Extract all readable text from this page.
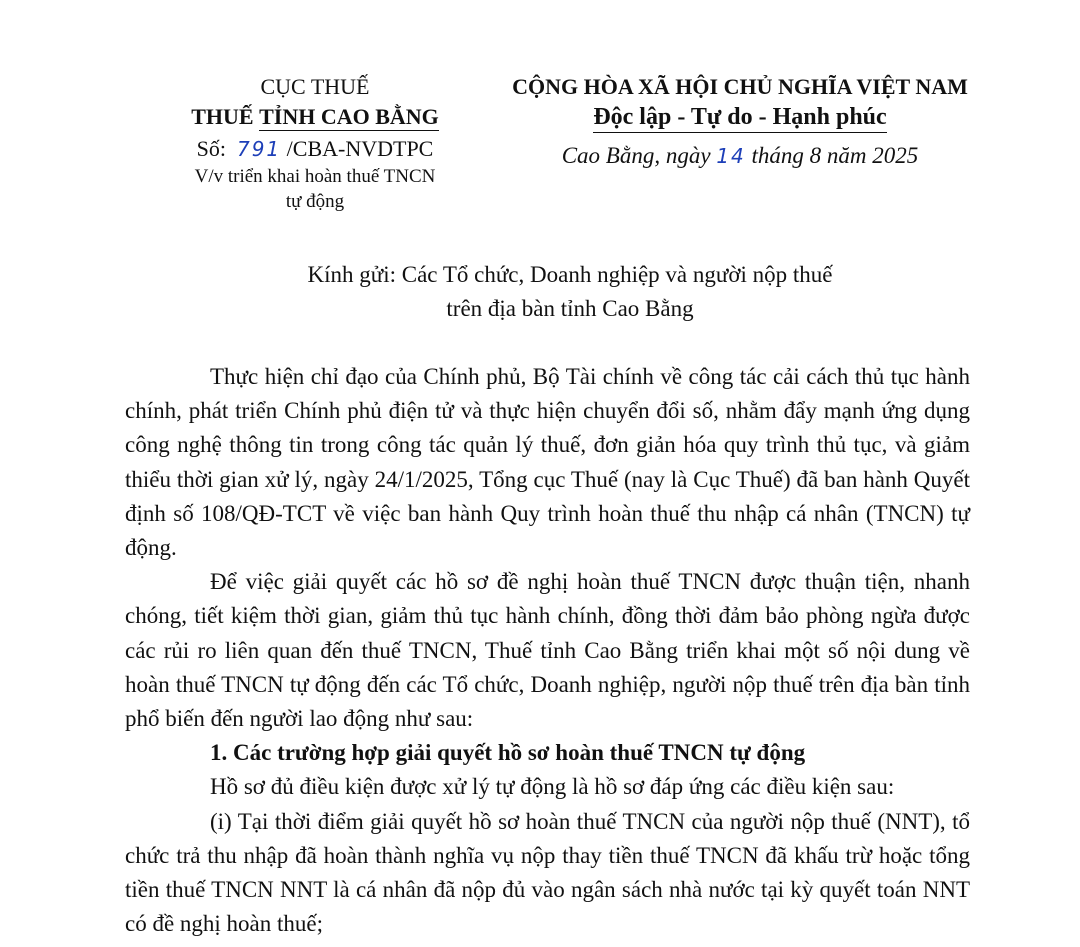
CỤC THUẾ
THUẾ TỈNH CAO BẰNG
Số: 791 /CBA-NVDTPC
V/v triển khai hoàn thuế TNCN
tự động
CỘNG HÒA XÃ HỘI CHỦ NGHĨA VIỆT NAM
Độc lập - Tự do - Hạnh phúc
Cao Bằng, ngày 14 tháng 8 năm 2025
Kính gửi: Các Tổ chức, Doanh nghiệp và người nộp thuế
trên địa bàn tỉnh Cao Bằng

Thực hiện chỉ đạo của Chính phủ, Bộ Tài chính về công tác cải cách thủ tục hành chính, phát triển Chính phủ điện tử và thực hiện chuyển đổi số, nhằm đẩy mạnh ứng dụng công nghệ thông tin trong công tác quản lý thuế, đơn giản hóa quy trình thủ tục, và giảm thiểu thời gian xử lý, ngày 24/1/2025, Tổng cục Thuế (nay là Cục Thuế) đã ban hành Quyết định số 108/QĐ-TCT về việc ban hành Quy trình hoàn thuế thu nhập cá nhân (TNCN) tự động.

Để việc giải quyết các hồ sơ đề nghị hoàn thuế TNCN được thuận tiện, nhanh chóng, tiết kiệm thời gian, giảm thủ tục hành chính, đồng thời đảm bảo phòng ngừa được các rủi ro liên quan đến thuế TNCN, Thuế tỉnh Cao Bằng triển khai một số nội dung về hoàn thuế TNCN tự động đến các Tổ chức, Doanh nghiệp, người nộp thuế trên địa bàn tỉnh phổ biến đến người lao động như sau:

1. Các trường hợp giải quyết hồ sơ hoàn thuế TNCN tự động

Hồ sơ đủ điều kiện được xử lý tự động là hồ sơ đáp ứng các điều kiện sau:

(i) Tại thời điểm giải quyết hồ sơ hoàn thuế TNCN của người nộp thuế (NNT), tổ chức trả thu nhập đã hoàn thành nghĩa vụ nộp thay tiền thuế TNCN đã khấu trừ hoặc tổng tiền thuế TNCN NNT là cá nhân đã nộp đủ vào ngân sách nhà nước tại kỳ quyết toán NNT có đề nghị hoàn thuế;
